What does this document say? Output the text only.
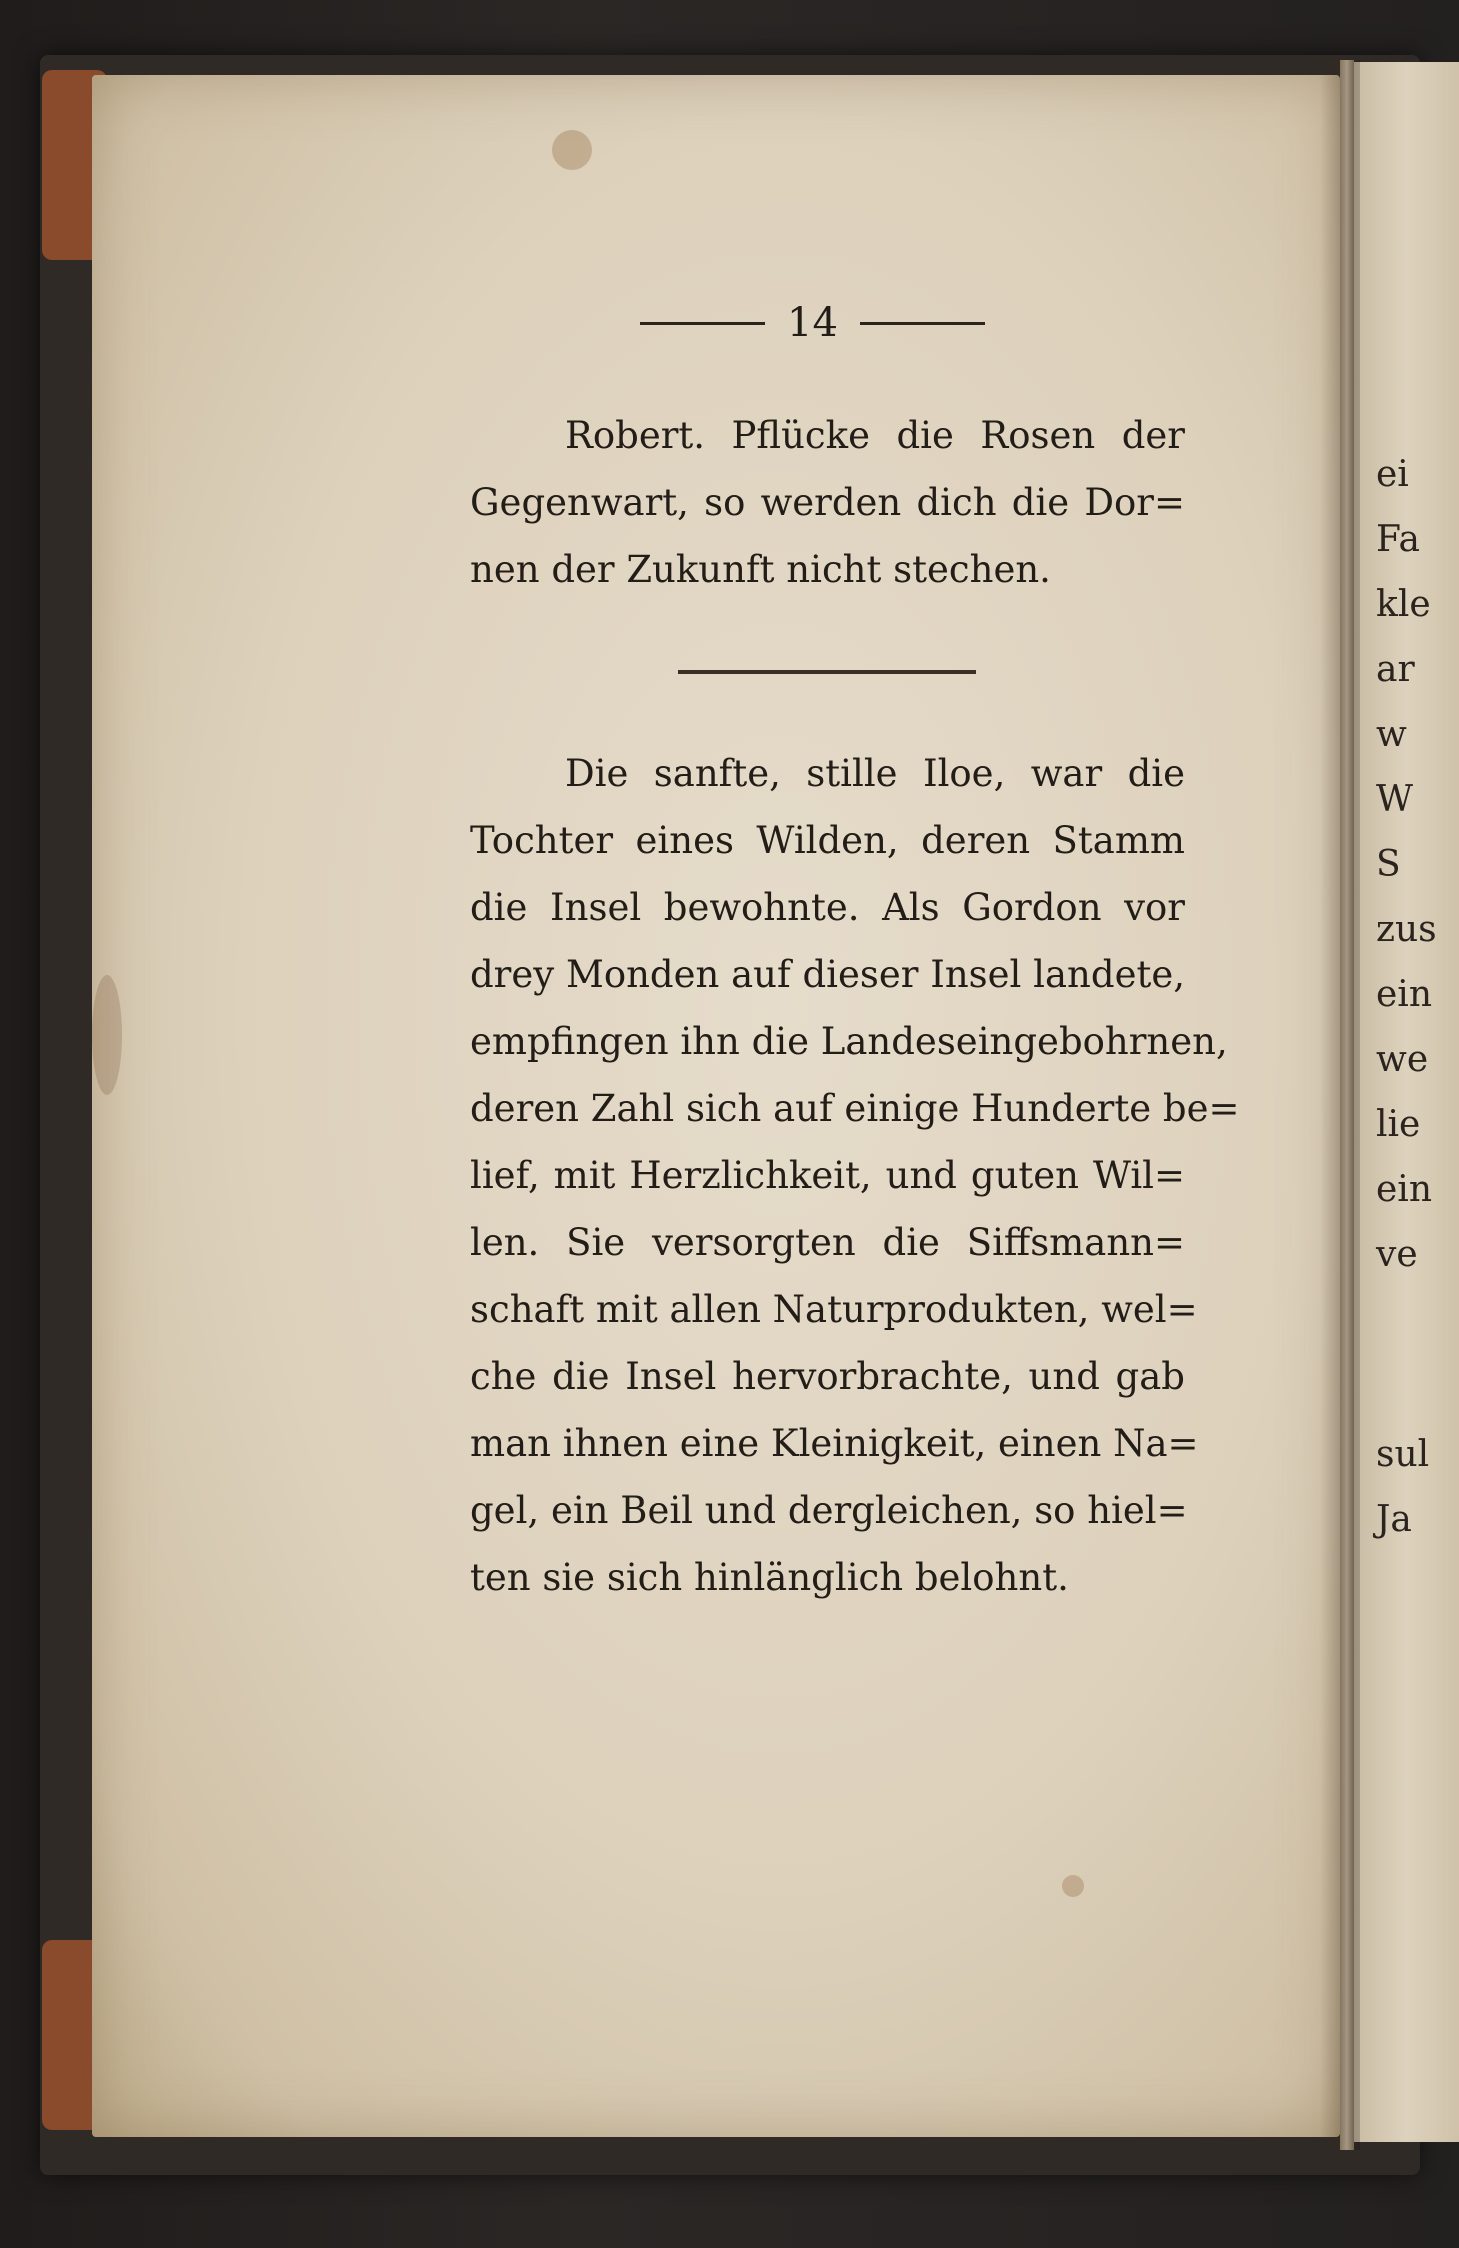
ei
Fa
kle
ar
w
W
S
zus
ein
we
lie
ein
ve
sul
Ja
14
Robert. Pflücke die Rosen der
Gegenwart, so werden dich die Dor=
nen der Zukunft nicht stechen.
Die sanfte, stille Iloe, war die
Tochter eines Wilden, deren Stamm
die Insel bewohnte. Als Gordon vor
drey Monden auf dieser Insel landete,
empfingen ihn die Landeseingebohrnen,
deren Zahl sich auf einige Hunderte be=
lief, mit Herzlichkeit, und guten Wil=
len. Sie versorgten die Siffsmann=
schaft mit allen Naturprodukten, wel=
che die Insel hervorbrachte, und gab
man ihnen eine Kleinigkeit, einen Na=
gel, ein Beil und dergleichen, so hiel=
ten sie sich hinlänglich belohnt.
